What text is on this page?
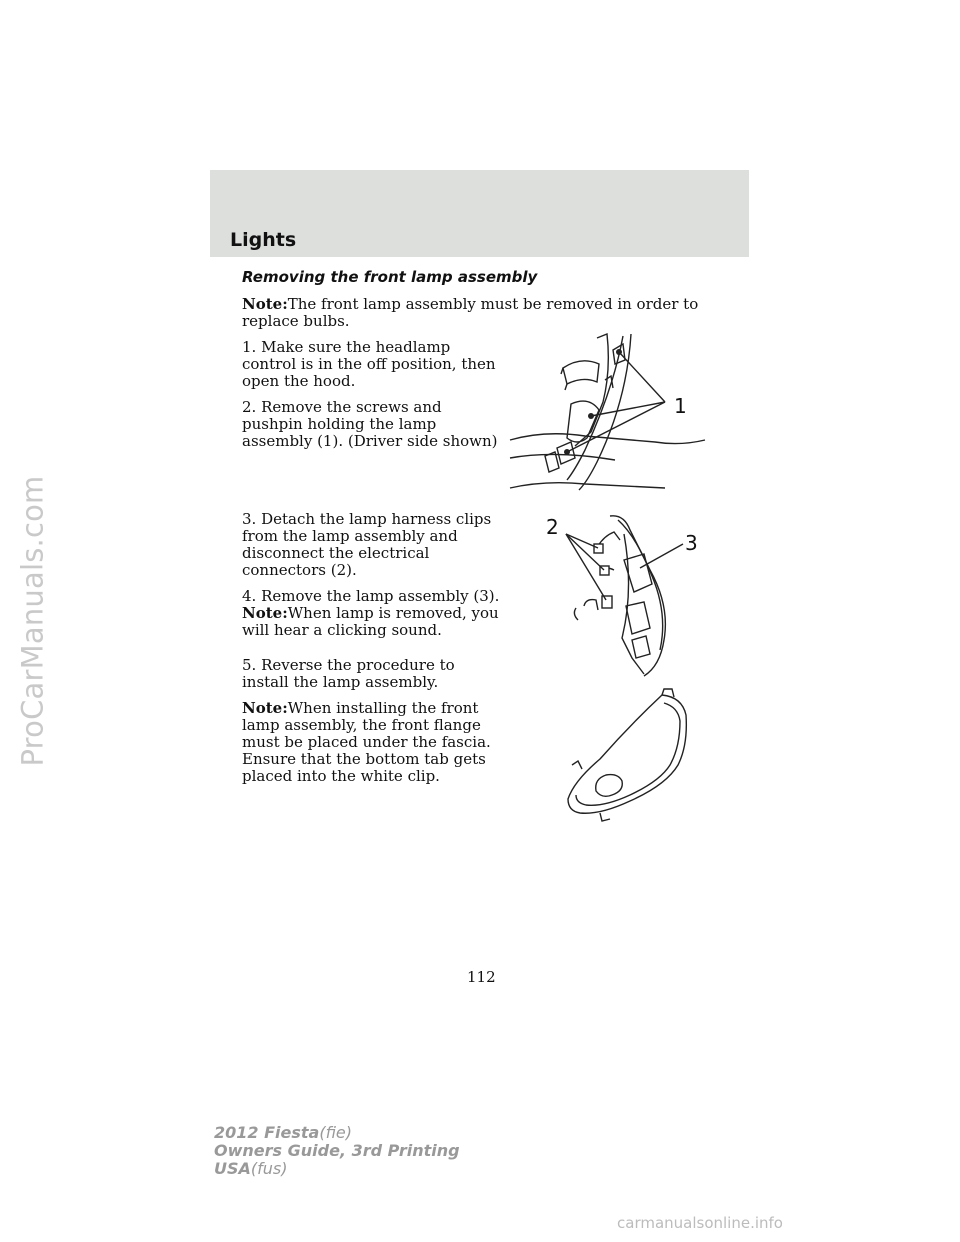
ProCarManuals.com
Lights
Removing the front lamp assembly
Note:The front lamp assembly must be removed in order to replace bulbs.
1. Make sure the headlamp control is in the off position, then open the hood.
2. Remove the screws and pushpin holding the lamp assembly (1). (Driver side shown)
3. Detach the lamp harness clips from the lamp assembly and disconnect the electrical connectors (2).
4. Remove the lamp assembly (3).
Note:When lamp is removed, you will hear a clicking sound.
5. Reverse the procedure to install the lamp assembly.
Note:When installing the front lamp assembly, the front flange must be placed under the fascia. Ensure that the bottom tab gets placed into the white clip.
1
2
3
112
2012 Fiesta(fie)
Owners Guide, 3rd Printing
USA(fus)
carmanualsonline.info
